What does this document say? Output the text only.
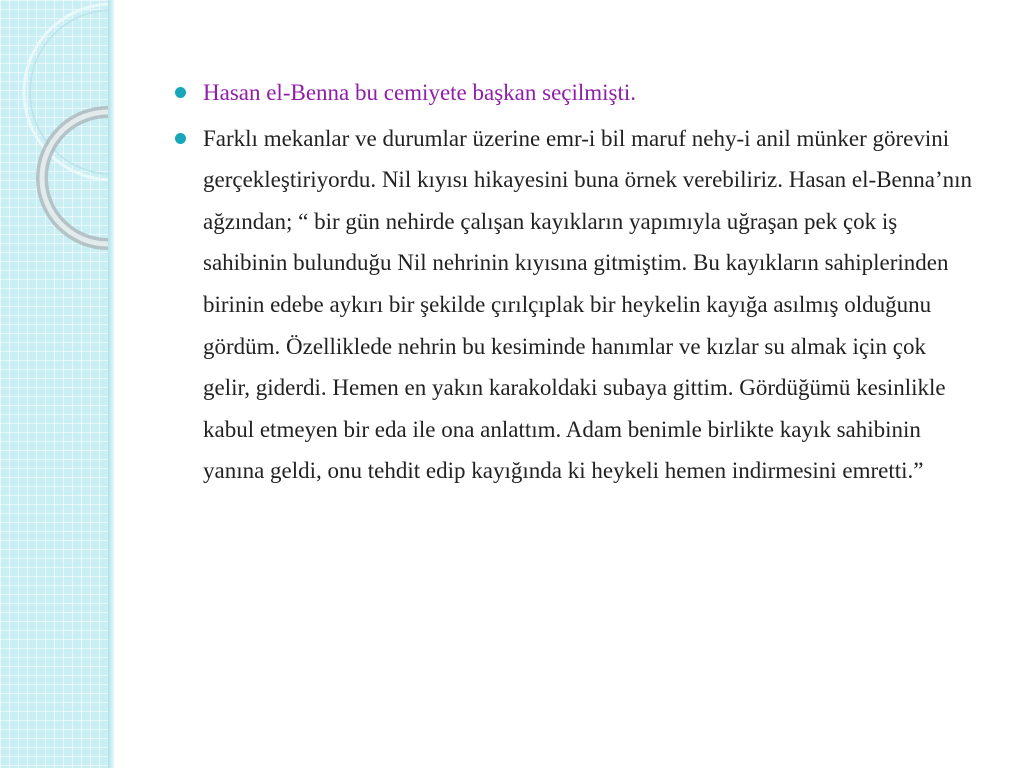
Hasan el-Benna bu cemiyete başkan seçilmişti.
Farklı mekanlar ve durumlar üzerine emr-i bil maruf nehy-i anil münker görevini gerçekleştiriyordu. Nil kıyısı hikayesini buna örnek verebiliriz. Hasan el-Benna’nın ağzından; “ bir gün nehirde çalışan kayıkların yapımıyla uğraşan pek çok iş sahibinin bulunduğu Nil nehrinin kıyısına gitmiştim. Bu kayıkların sahiplerinden birinin edebe aykırı bir şekilde çırılçıplak bir heykelin kayığa asılmış olduğunu gördüm. Özelliklede nehrin bu kesiminde hanımlar ve kızlar su almak için çok gelir, giderdi. Hemen en yakın karakoldaki subaya gittim. Gördüğümü kesinlikle kabul etmeyen bir eda ile ona anlattım. Adam benimle birlikte kayık sahibinin yanına geldi, onu tehdit edip kayığında ki heykeli hemen indirmesini emretti.”
